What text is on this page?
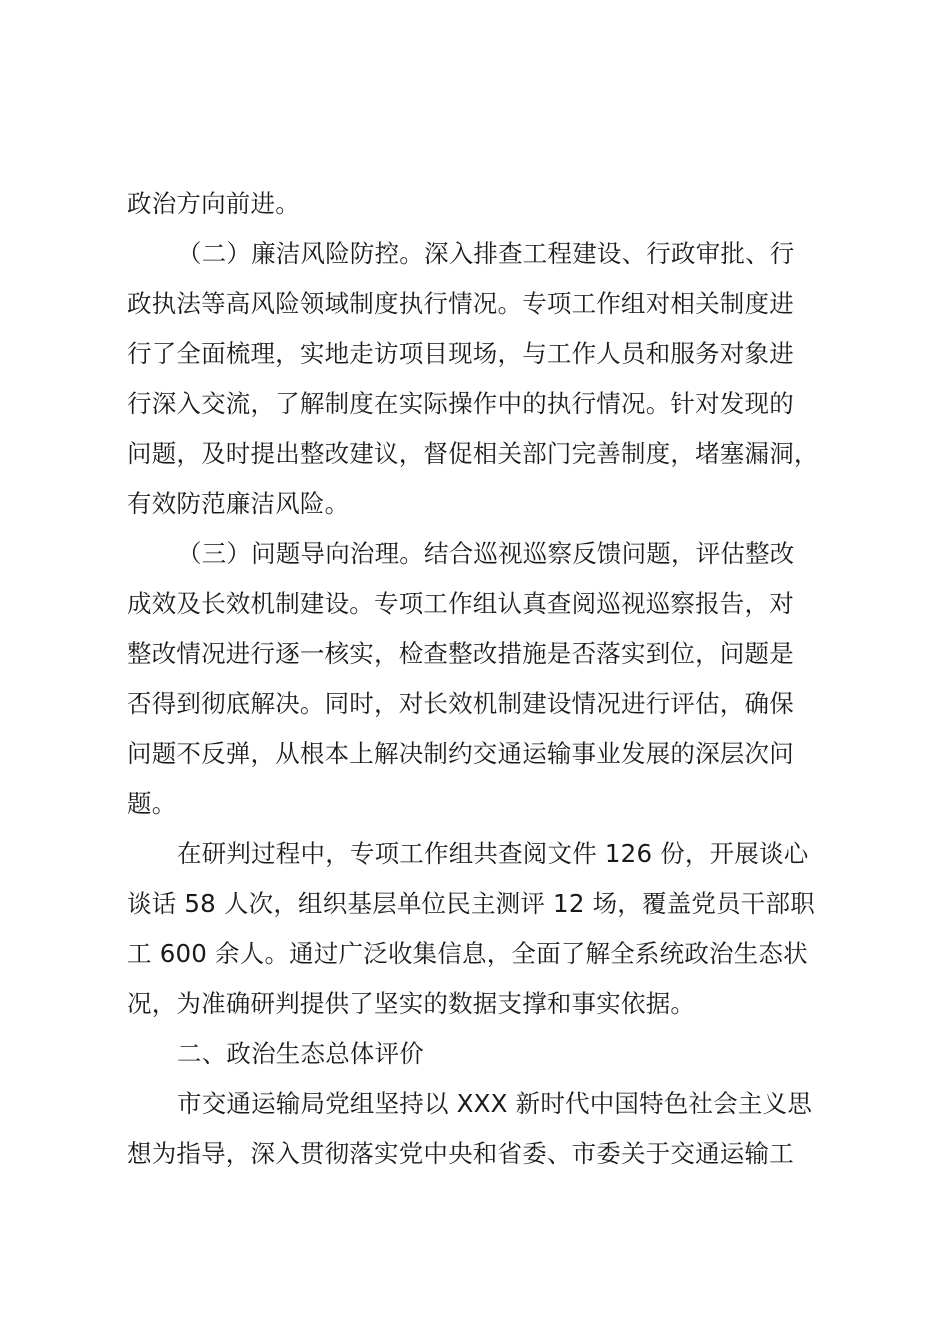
政治方向前进。
（二）廉洁风险防控。深入排查工程建设、行政审批、行
政执法等高风险领域制度执行情况。专项工作组对相关制度进
行了全面梳理，实地走访项目现场，与工作人员和服务对象进
行深入交流，了解制度在实际操作中的执行情况。针对发现的
问题，及时提出整改建议，督促相关部门完善制度，堵塞漏洞，
有效防范廉洁风险。
（三）问题导向治理。结合巡视巡察反馈问题，评估整改
成效及长效机制建设。专项工作组认真查阅巡视巡察报告，对
整改情况进行逐一核实，检查整改措施是否落实到位，问题是
否得到彻底解决。同时，对长效机制建设情况进行评估，确保
问题不反弹，从根本上解决制约交通运输事业发展的深层次问
题。
在研判过程中，专项工作组共查阅文件 126 份，开展谈心
谈话 58 人次，组织基层单位民主测评 12 场，覆盖党员干部职
工 600 余人。通过广泛收集信息，全面了解全系统政治生态状
况，为准确研判提供了坚实的数据支撑和事实依据。
二、政治生态总体评价
市交通运输局党组坚持以 XXX 新时代中国特色社会主义思
想为指导，深入贯彻落实党中央和省委、市委关于交通运输工
